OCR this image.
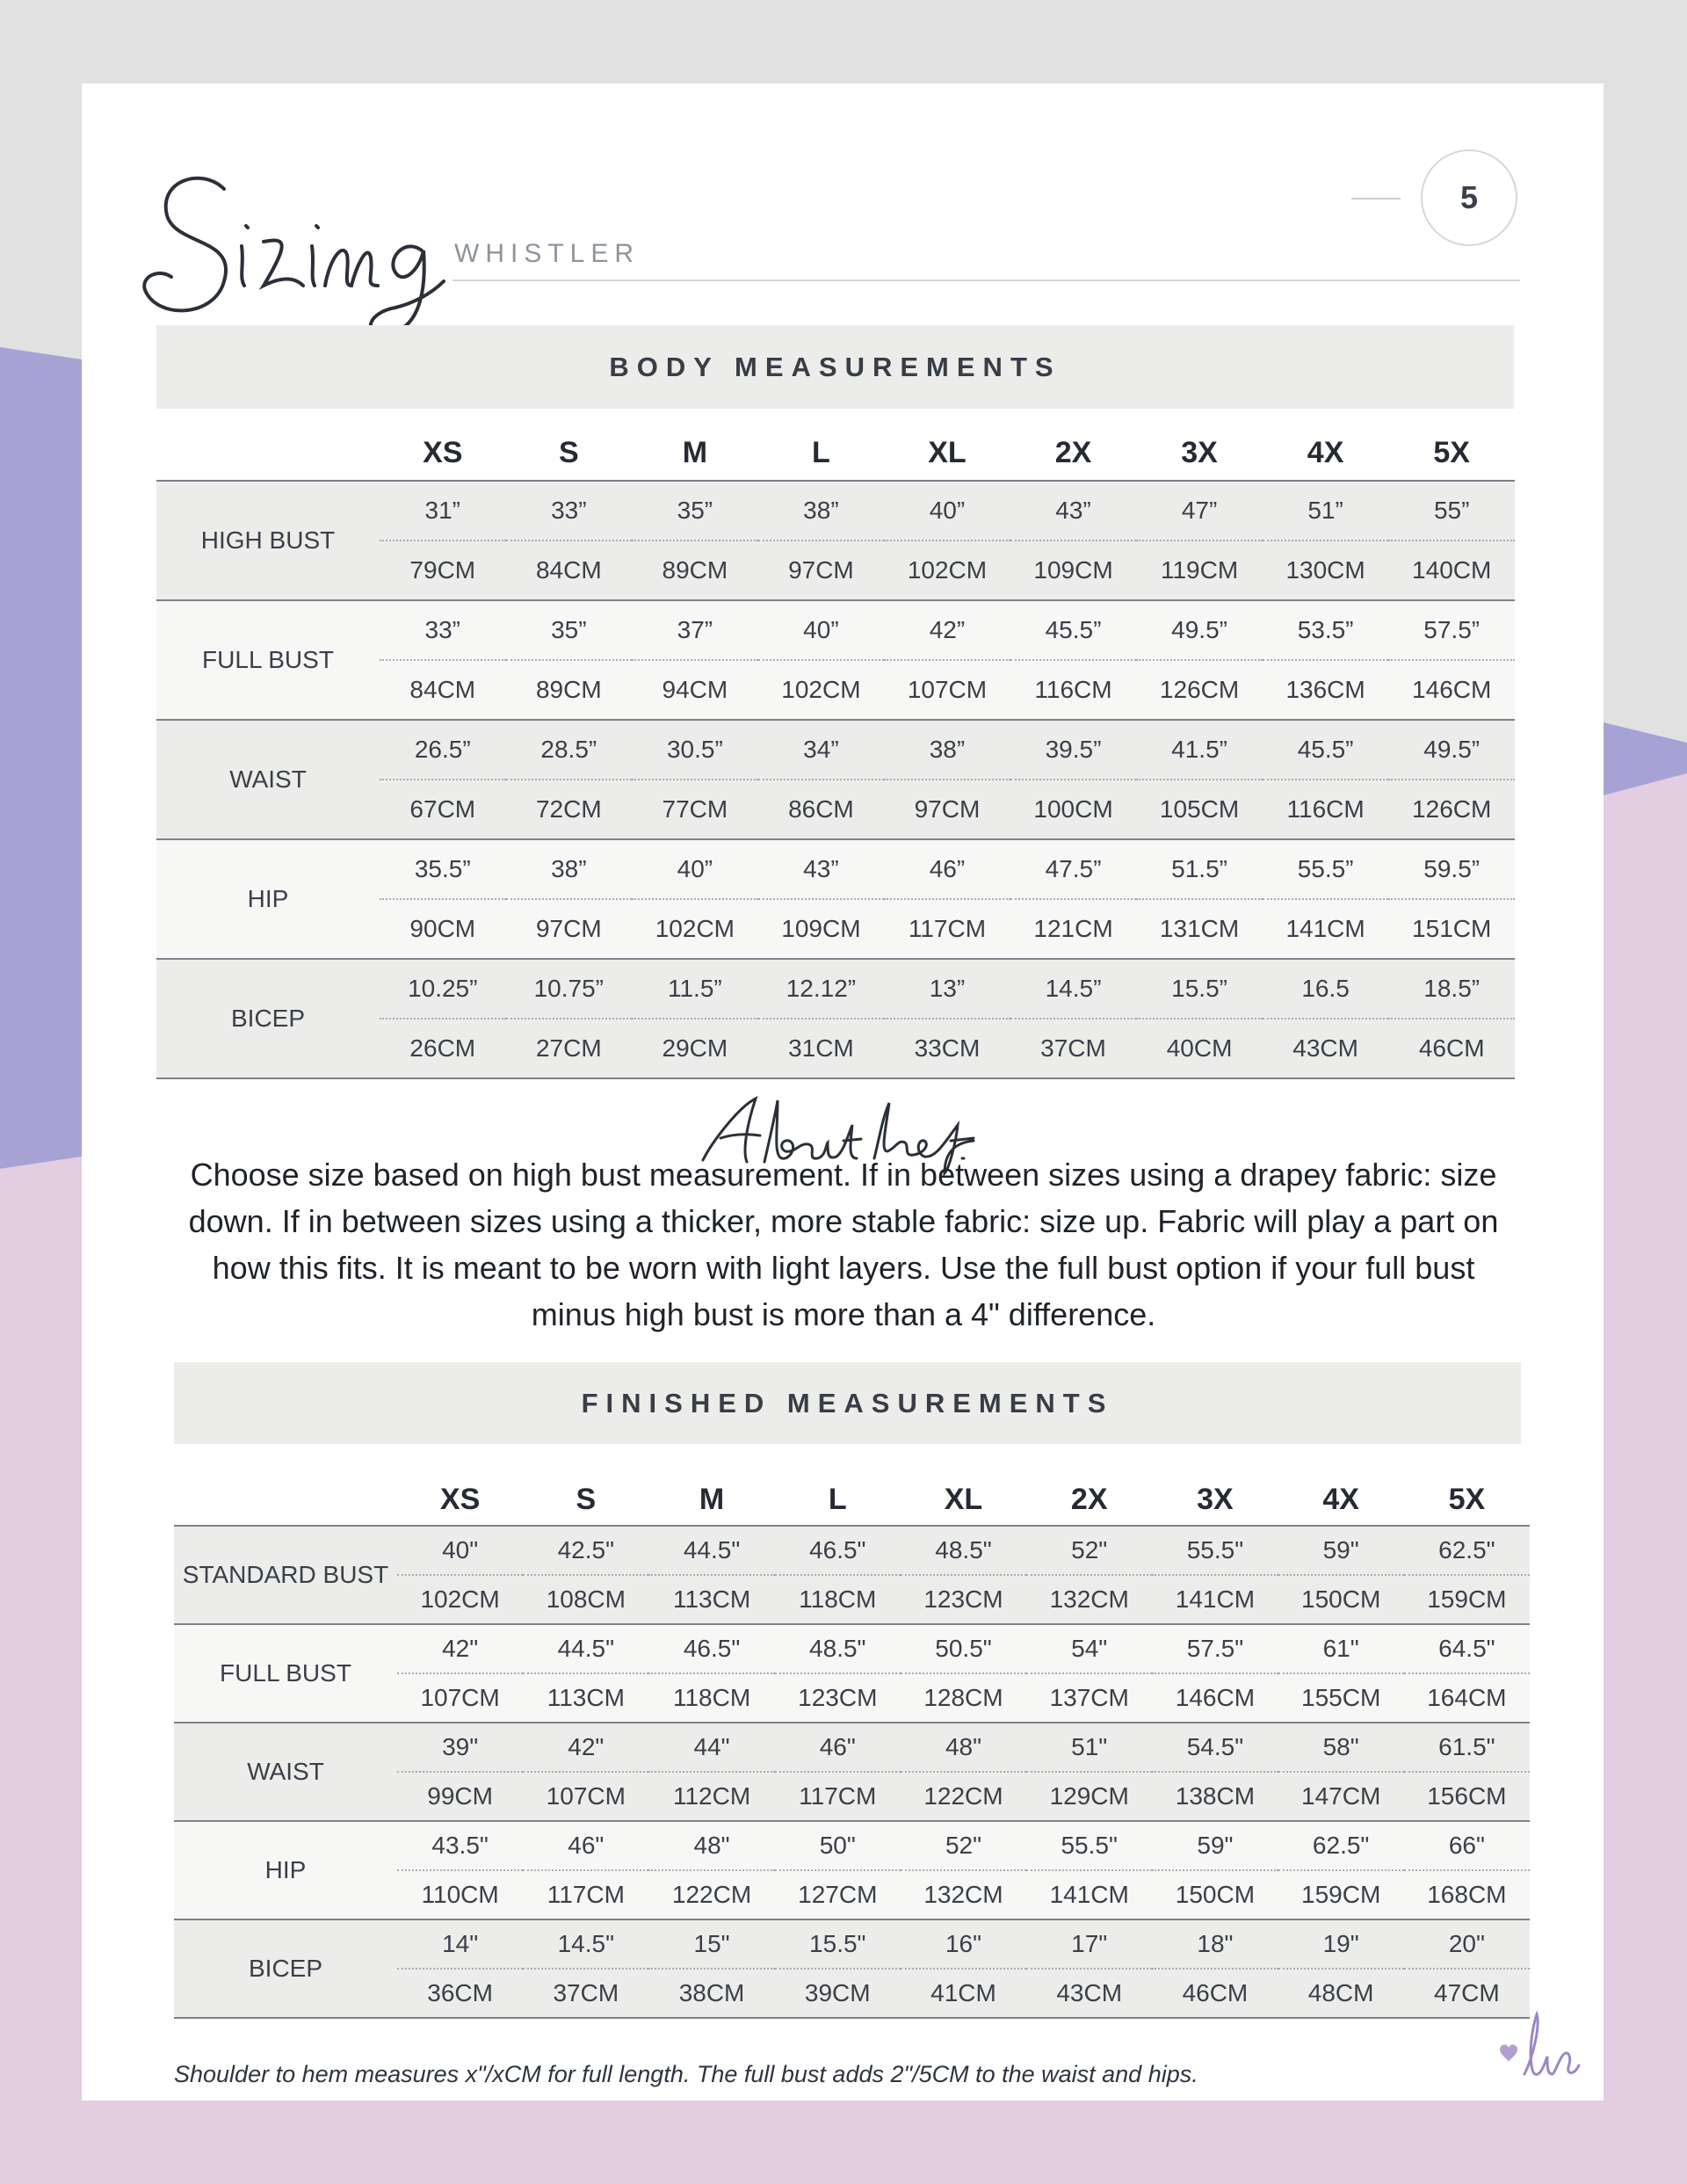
WHISTLER
5
BODY MEASUREMENTS
	XS	S	M	L	XL	2X	3X	4X	5X
HIGH BUST	31”	33”	35”	38”	40”	43”	47”	51”	55”
	79CM	84CM	89CM	97CM	102CM	109CM	119CM	130CM	140CM
FULL BUST	33”	35”	37”	40”	42”	45.5”	49.5”	53.5”	57.5”
	84CM	89CM	94CM	102CM	107CM	116CM	126CM	136CM	146CM
WAIST	26.5”	28.5”	30.5”	34”	38”	39.5”	41.5”	45.5”	49.5”
	67CM	72CM	77CM	86CM	97CM	100CM	105CM	116CM	126CM
HIP	35.5”	38”	40”	43”	46”	47.5”	51.5”	55.5”	59.5”
	90CM	97CM	102CM	109CM	117CM	121CM	131CM	141CM	151CM
BICEP	10.25”	10.75”	11.5”	12.12”	13”	14.5”	15.5”	16.5	18.5”
	26CM	27CM	29CM	31CM	33CM	37CM	40CM	43CM	46CM
Choose size based on high bust measurement. If in between sizes using a drapey fabric: size down. If in between sizes using a thicker, more stable fabric: size up. Fabric will play a part on how this fits. It is meant to be worn with light layers. Use the full bust option if your full bust minus high bust is more than a 4" difference.
FINISHED MEASUREMENTS
	XS	S	M	L	XL	2X	3X	4X	5X
STANDARD BUST	40"	42.5"	44.5"	46.5"	48.5"	52"	55.5"	59"	62.5"
	102CM	108CM	113CM	118CM	123CM	132CM	141CM	150CM	159CM
FULL BUST	42"	44.5"	46.5"	48.5"	50.5"	54"	57.5"	61"	64.5"
	107CM	113CM	118CM	123CM	128CM	137CM	146CM	155CM	164CM
WAIST	39"	42"	44"	46"	48"	51"	54.5"	58"	61.5"
	99CM	107CM	112CM	117CM	122CM	129CM	138CM	147CM	156CM
HIP	43.5"	46"	48"	50"	52"	55.5"	59"	62.5"	66"
	110CM	117CM	122CM	127CM	132CM	141CM	150CM	159CM	168CM
BICEP	14"	14.5"	15"	15.5"	16"	17"	18"	19"	20"
	36CM	37CM	38CM	39CM	41CM	43CM	46CM	48CM	47CM
Shoulder to hem measures x"/xCM for full length. The full bust adds 2"/5CM to the waist and hips.
